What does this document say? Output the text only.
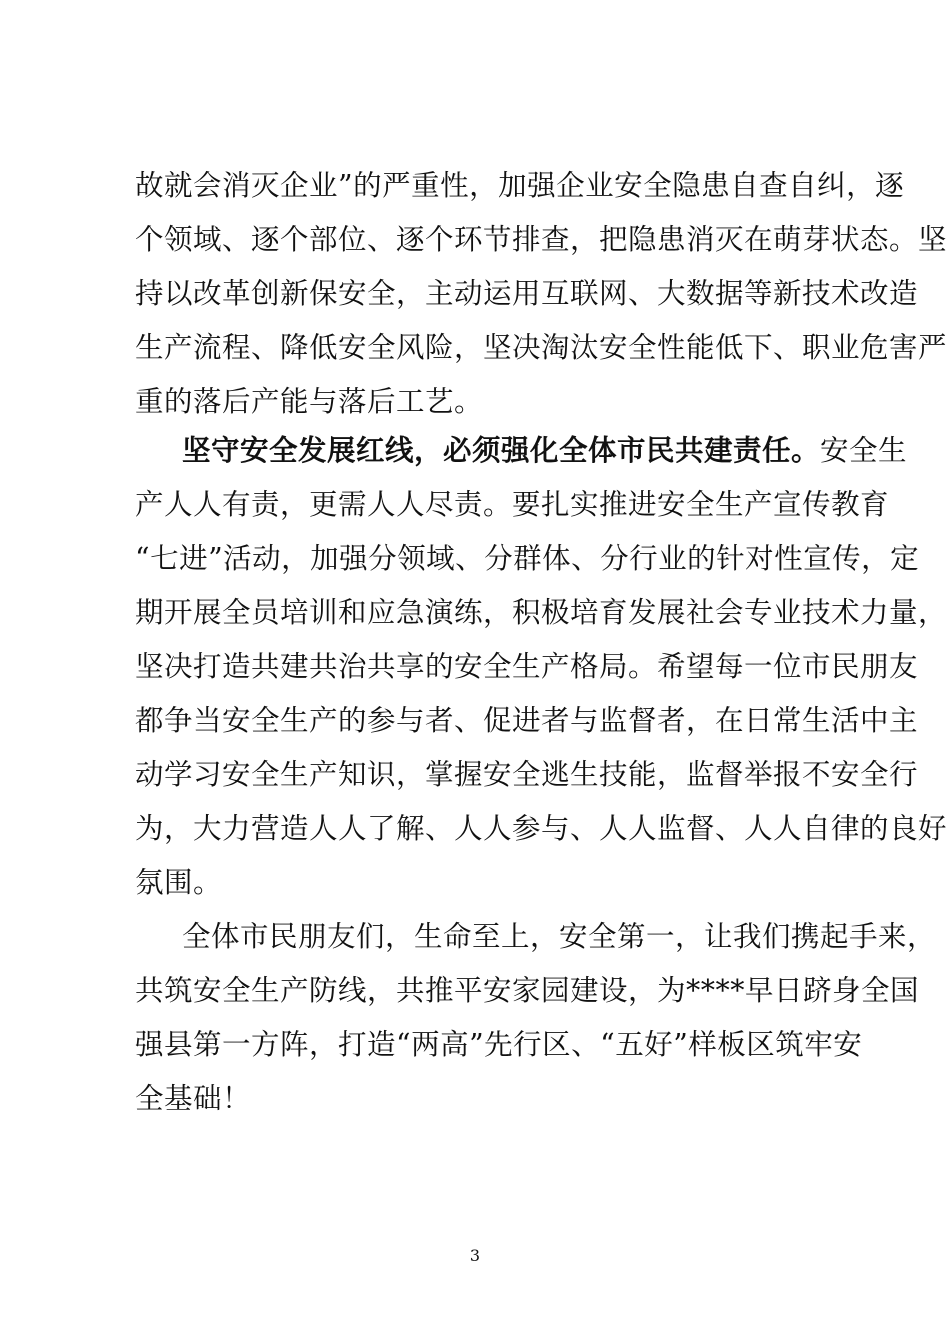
故就会消灭企业”的严重性，加强企业安全隐患自查自纠，逐
个领域、逐个部位、逐个环节排查，把隐患消灭在萌芽状态。坚
持以改革创新保安全，主动运用互联网、大数据等新技术改造
生产流程、降低安全风险，坚决淘汰安全性能低下、职业危害严
重的落后产能与落后工艺。
坚守安全发展红线，必须强化全体市民共建责任。安全生
产人人有责，更需人人尽责。要扎实推进安全生产宣传教育
“七进”活动，加强分领域、分群体、分行业的针对性宣传，定
期开展全员培训和应急演练，积极培育发展社会专业技术力量，
坚决打造共建共治共享的安全生产格局。希望每一位市民朋友
都争当安全生产的参与者、促进者与监督者，在日常生活中主
动学习安全生产知识，掌握安全逃生技能，监督举报不安全行
为，大力营造人人了解、人人参与、人人监督、人人自律的良好
氛围。
全体市民朋友们，生命至上，安全第一，让我们携起手来，
共筑安全生产防线，共推平安家园建设，为****早日跻身全国
强县第一方阵，打造“两高”先行区、“五好”样板区筑牢安
全基础！
3
